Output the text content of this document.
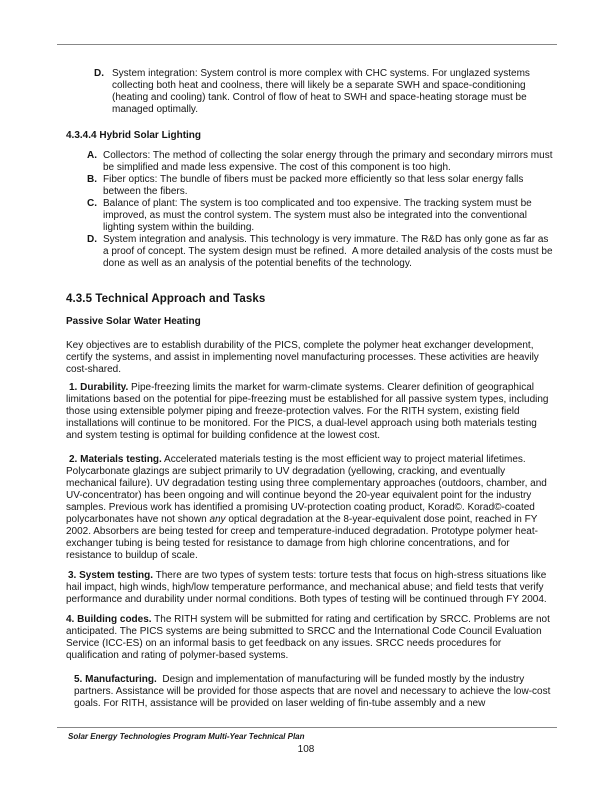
D. System integration: System control is more complex with CHC systems. For unglazed systems collecting both heat and coolness, there will likely be a separate SWH and space-conditioning (heating and cooling) tank. Control of flow of heat to SWH and space-heating storage must be managed optimally.
4.3.4.4 Hybrid Solar Lighting
A. Collectors: The method of collecting the solar energy through the primary and secondary mirrors must be simplified and made less expensive. The cost of this component is too high.
B. Fiber optics: The bundle of fibers must be packed more efficiently so that less solar energy falls between the fibers.
C. Balance of plant: The system is too complicated and too expensive. The tracking system must be improved, as must the control system. The system must also be integrated into the conventional lighting system within the building.
D. System integration and analysis. This technology is very immature. The R&D has only gone as far as a proof of concept. The system design must be refined.  A more detailed analysis of the costs must be done as well as an analysis of the potential benefits of the technology.
4.3.5 Technical Approach and Tasks
Passive Solar Water Heating

Key objectives are to establish durability of the PICS, complete the polymer heat exchanger development, certify the systems, and assist in implementing novel manufacturing processes. These activities are heavily cost-shared.

1. Durability. Pipe-freezing limits the market for warm-climate systems. Clearer definition of geographical limitations based on the potential for pipe-freezing must be established for all passive system types, including those using extensible polymer piping and freeze-protection valves. For the RITH system, existing field installations will continue to be monitored. For the PICS, a dual-level approach using both materials testing and system testing is optimal for building confidence at the lowest cost.

2. Materials testing. Accelerated materials testing is the most efficient way to project material lifetimes. Polycarbonate glazings are subject primarily to UV degradation (yellowing, cracking, and eventually mechanical failure). UV degradation testing using three complementary approaches (outdoors, chamber, and UV-concentrator) has been ongoing and will continue beyond the 20-year equivalent point for the industry samples. Previous work has identified a promising UV-protection coating product, Korad©. Korad©-coated polycarbonates have not shown any optical degradation at the 8-year-equivalent dose point, reached in FY 2002. Absorbers are being tested for creep and temperature-induced degradation. Prototype polymer heat-exchanger tubing is being tested for resistance to damage from high chlorine concentrations, and for resistance to buildup of scale.

3. System testing. There are two types of system tests: torture tests that focus on high-stress situations like hail impact, high winds, high/low temperature performance, and mechanical abuse; and field tests that verify performance and durability under normal conditions. Both types of testing will be continued through FY 2004.

4. Building codes. The RITH system will be submitted for rating and certification by SRCC. Problems are not anticipated. The PICS systems are being submitted to SRCC and the International Code Council Evaluation Service (ICC-ES) on an informal basis to get feedback on any issues. SRCC needs procedures for qualification and rating of polymer-based systems.

5. Manufacturing.  Design and implementation of manufacturing will be funded mostly by the industry partners. Assistance will be provided for those aspects that are novel and necessary to achieve the low-cost goals. For RITH, assistance will be provided on laser welding of fin-tube assembly and a new

Solar Energy Technologies Program Multi-Year Technical Plan
108
